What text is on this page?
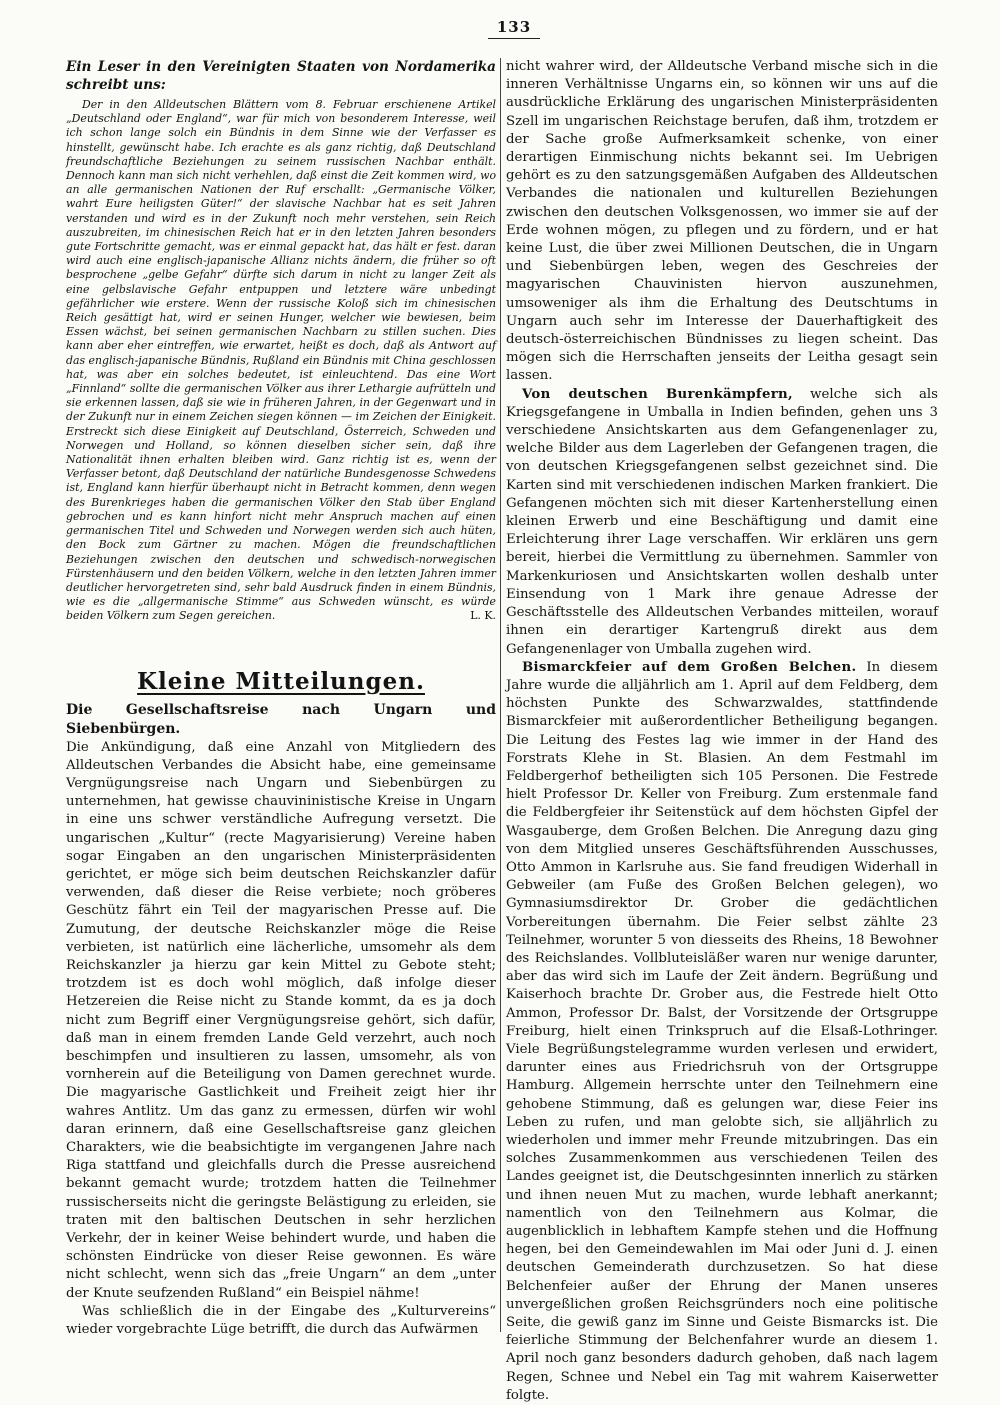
133

Ein Leser in den Vereinigten Staaten von Nordamerika schreibt uns:

Der in den Alldeutschen Blättern vom 8. Februar erschienene Artikel „Deutschland oder England“, war für mich von besonderem Interesse, weil ich schon lange solch ein Bündnis in dem Sinne wie der Verfasser es hinstellt, gewünscht habe. Ich erachte es als ganz richtig, daß Deutschland freundschaftliche Beziehungen zu seinem russischen Nachbar enthält. Dennoch kann man sich nicht verhehlen, daß einst die Zeit kommen wird, wo an alle germanischen Nationen der Ruf erschallt: „Germanische Völker, wahrt Eure heiligsten Güter!“ der slavische Nachbar hat es seit Jahren verstanden und wird es in der Zukunft noch mehr verstehen, sein Reich auszubreiten, im chinesischen Reich hat er in den letzten Jahren besonders gute Fortschritte gemacht, was er einmal gepackt hat, das hält er fest. daran wird auch eine englisch-japanische Allianz nichts ändern, die früher so oft besprochene „gelbe Gefahr“ dürfte sich darum in nicht zu langer Zeit als eine gelbslavische Gefahr entpuppen und letztere wäre unbedingt gefährlicher wie erstere. Wenn der russische Koloß sich im chinesischen Reich gesättigt hat, wird er seinen Hunger, welcher wie bewiesen, beim Essen wächst, bei seinen germanischen Nachbarn zu stillen suchen. Dies kann aber eher eintreffen, wie erwartet, heißt es doch, daß als Antwort auf das englisch-japanische Bündnis, Rußland ein Bündnis mit China geschlossen hat, was aber ein solches bedeutet, ist einleuchtend. Das eine Wort „Finnland“ sollte die germanischen Völker aus ihrer Lethargie aufrütteln und sie erkennen lassen, daß sie wie in früheren Jahren, in der Gegenwart und in der Zukunft nur in einem Zeichen siegen können — im Zeichen der Einigkeit. Erstreckt sich diese Einigkeit auf Deutschland, Österreich, Schweden und Norwegen und Holland, so können dieselben sicher sein, daß ihre Nationalität ihnen erhalten bleiben wird. Ganz richtig ist es, wenn der Verfasser betont, daß Deutschland der natürliche Bundesgenosse Schwedens ist, England kann hierfür überhaupt nicht in Betracht kommen, denn wegen des Burenkrieges haben die germanischen Völker den Stab über England gebrochen und es kann hinfort nicht mehr Anspruch machen auf einen germanischen Titel und Schweden und Norwegen werden sich auch hüten, den Bock zum Gärtner zu machen. Mögen die freundschaftlichen Beziehungen zwischen den deutschen und schwedisch-norwegischen Fürstenhäusern und den beiden Völkern, welche in den letzten Jahren immer deutlicher hervorgetreten sind, sehr bald Ausdruck finden in einem Bündnis, wie es die „allgermanische Stimme“ aus Schweden wünscht, es würde beiden Völkern zum Segen gereichen.	L. K.

Kleine Mitteilungen.

Die Gesellschaftsreise nach Ungarn und Siebenbürgen.

Die Ankündigung, daß eine Anzahl von Mitgliedern des Alldeutschen Verbandes die Absicht habe, eine gemeinsame Vergnügungsreise nach Ungarn und Siebenbürgen zu unternehmen, hat gewisse chauvininistische Kreise in Ungarn in eine uns schwer verständliche Aufregung versetzt. Die ungarischen „Kultur“ (recte Magyarisierung) Vereine haben sogar Eingaben an den ungarischen Ministerpräsidenten gerichtet, er möge sich beim deutschen Reichskanzler dafür verwenden, daß dieser die Reise verbiete; noch gröberes Geschütz fährt ein Teil der magyarischen Presse auf. Die Zumutung, der deutsche Reichskanzler möge die Reise verbieten, ist natürlich eine lächerliche, umsomehr als dem Reichskanzler ja hierzu gar kein Mittel zu Gebote steht; trotzdem ist es doch wohl möglich, daß infolge dieser Hetzereien die Reise nicht zu Stande kommt, da es ja doch nicht zum Begriff einer Vergnügungsreise gehört, sich dafür, daß man in einem fremden Lande Geld verzehrt, auch noch beschimpfen und insultieren zu lassen, umsomehr, als von vornherein auf die Beteiligung von Damen gerechnet wurde. Die magyarische Gastlichkeit und Freiheit zeigt hier ihr wahres Antlitz. Um das ganz zu ermessen, dürfen wir wohl daran erinnern, daß eine Gesellschaftsreise ganz gleichen Charakters, wie die beabsichtigte im vergangenen Jahre nach Riga stattfand und gleichfalls durch die Presse ausreichend bekannt gemacht wurde; trotzdem hatten die Teilnehmer russischerseits nicht die geringste Belästigung zu erleiden, sie traten mit den baltischen Deutschen in sehr herzlichen Verkehr, der in keiner Weise behindert wurde, und haben die schönsten Eindrücke von dieser Reise gewonnen. Es wäre nicht schlecht, wenn sich das „freie Ungarn“ an dem „unter der Knute seufzenden Rußland“ ein Beispiel nähme!

Was schließlich die in der Eingabe des „Kulturvereins“ wieder vorgebrachte Lüge betrifft, die durch das Aufwärmen

nicht wahrer wird, der Alldeutsche Verband mische sich in die inneren Verhältnisse Ungarns ein, so können wir uns auf die ausdrückliche Erklärung des ungarischen Ministerpräsidenten Szell im ungarischen Reichstage berufen, daß ihm, trotzdem er der Sache große Aufmerksamkeit schenke, von einer derartigen Einmischung nichts bekannt sei. Im Uebrigen gehört es zu den satzungsgemäßen Aufgaben des Alldeutschen Verbandes die nationalen und kulturellen Beziehungen zwischen den deutschen Volksgenossen, wo immer sie auf der Erde wohnen mögen, zu pflegen und zu fördern, und er hat keine Lust, die über zwei Millionen Deutschen, die in Ungarn und Siebenbürgen leben, wegen des Geschreies der magyarischen Chauvinisten hiervon auszunehmen, umsoweniger als ihm die Erhaltung des Deutschtums in Ungarn auch sehr im Interesse der Dauerhaftigkeit des deutsch-österreichischen Bündnisses zu liegen scheint. Das mögen sich die Herrschaften jenseits der Leitha gesagt sein lassen.

Von deutschen Burenkämpfern, welche sich als Kriegsgefangene in Umballa in Indien befinden, gehen uns 3 verschiedene Ansichtskarten aus dem Gefangenenlager zu, welche Bilder aus dem Lagerleben der Gefangenen tragen, die von deutschen Kriegsgefangenen selbst gezeichnet sind. Die Karten sind mit verschiedenen indischen Marken frankiert. Die Gefangenen möchten sich mit dieser Kartenherstellung einen kleinen Erwerb und eine Beschäftigung und damit eine Erleichterung ihrer Lage verschaffen. Wir erklären uns gern bereit, hierbei die Vermittlung zu übernehmen. Sammler von Markenkuriosen und Ansichtskarten wollen deshalb unter Einsendung von 1 Mark ihre genaue Adresse der Geschäftsstelle des Alldeutschen Verbandes mitteilen, worauf ihnen ein derartiger Kartengruß direkt aus dem Gefangenenlager von Umballa zugehen wird.

Bismarckfeier auf dem Großen Belchen. In diesem Jahre wurde die alljährlich am 1. April auf dem Feldberg, dem höchsten Punkte des Schwarzwaldes, stattfindende Bismarckfeier mit außerordentlicher Betheiligung begangen. Die Leitung des Festes lag wie immer in der Hand des Forstrats Klehe in St. Blasien. An dem Festmahl im Feldbergerhof betheiligten sich 105 Personen. Die Festrede hielt Professor Dr. Keller von Freiburg. Zum erstenmale fand die Feldbergfeier ihr Seitenstück auf dem höchsten Gipfel der Wasgauberge, dem Großen Belchen. Die Anregung dazu ging von dem Mitglied unseres Geschäftsführenden Ausschusses, Otto Ammon in Karlsruhe aus. Sie fand freudigen Widerhall in Gebweiler (am Fuße des Großen Belchen gelegen), wo Gymnasiumsdirektor Dr. Grober die gedächtlichen Vorbereitungen übernahm. Die Feier selbst zählte 23 Teilnehmer, worunter 5 von diesseits des Rheins, 18 Bewohner des Reichslandes. Vollbluteisläßer waren nur wenige darunter, aber das wird sich im Laufe der Zeit ändern. Begrüßung und Kaiserhoch brachte Dr. Grober aus, die Festrede hielt Otto Ammon, Professor Dr. Balst, der Vorsitzende der Ortsgruppe Freiburg, hielt einen Trinkspruch auf die Elsaß-Lothringer. Viele Begrüßungstelegramme wurden verlesen und erwidert, darunter eines aus Friedrichsruh von der Ortsgruppe Hamburg. Allgemein herrschte unter den Teilnehmern eine gehobene Stimmung, daß es gelungen war, diese Feier ins Leben zu rufen, und man gelobte sich, sie alljährlich zu wiederholen und immer mehr Freunde mitzubringen. Das ein solches Zusammenkommen aus verschiedenen Teilen des Landes geeignet ist, die Deutschgesinnten innerlich zu stärken und ihnen neuen Mut zu machen, wurde lebhaft anerkannt; namentlich von den Teilnehmern aus Kolmar, die augenblicklich in lebhaftem Kampfe stehen und die Hoffnung hegen, bei den Gemeindewahlen im Mai oder Juni d. J. einen deutschen Gemeinderath durchzusetzen. So hat diese Belchenfeier außer der Ehrung der Manen unseres unvergeßlichen großen Reichsgründers noch eine politische Seite, die gewiß ganz im Sinne und Geiste Bismarcks ist. Die feierliche Stimmung der Belchenfahrer wurde an diesem 1. April noch ganz besonders dadurch gehoben, daß nach lagem Regen, Schnee und Nebel ein Tag mit wahrem Kaiserwetter folgte.
